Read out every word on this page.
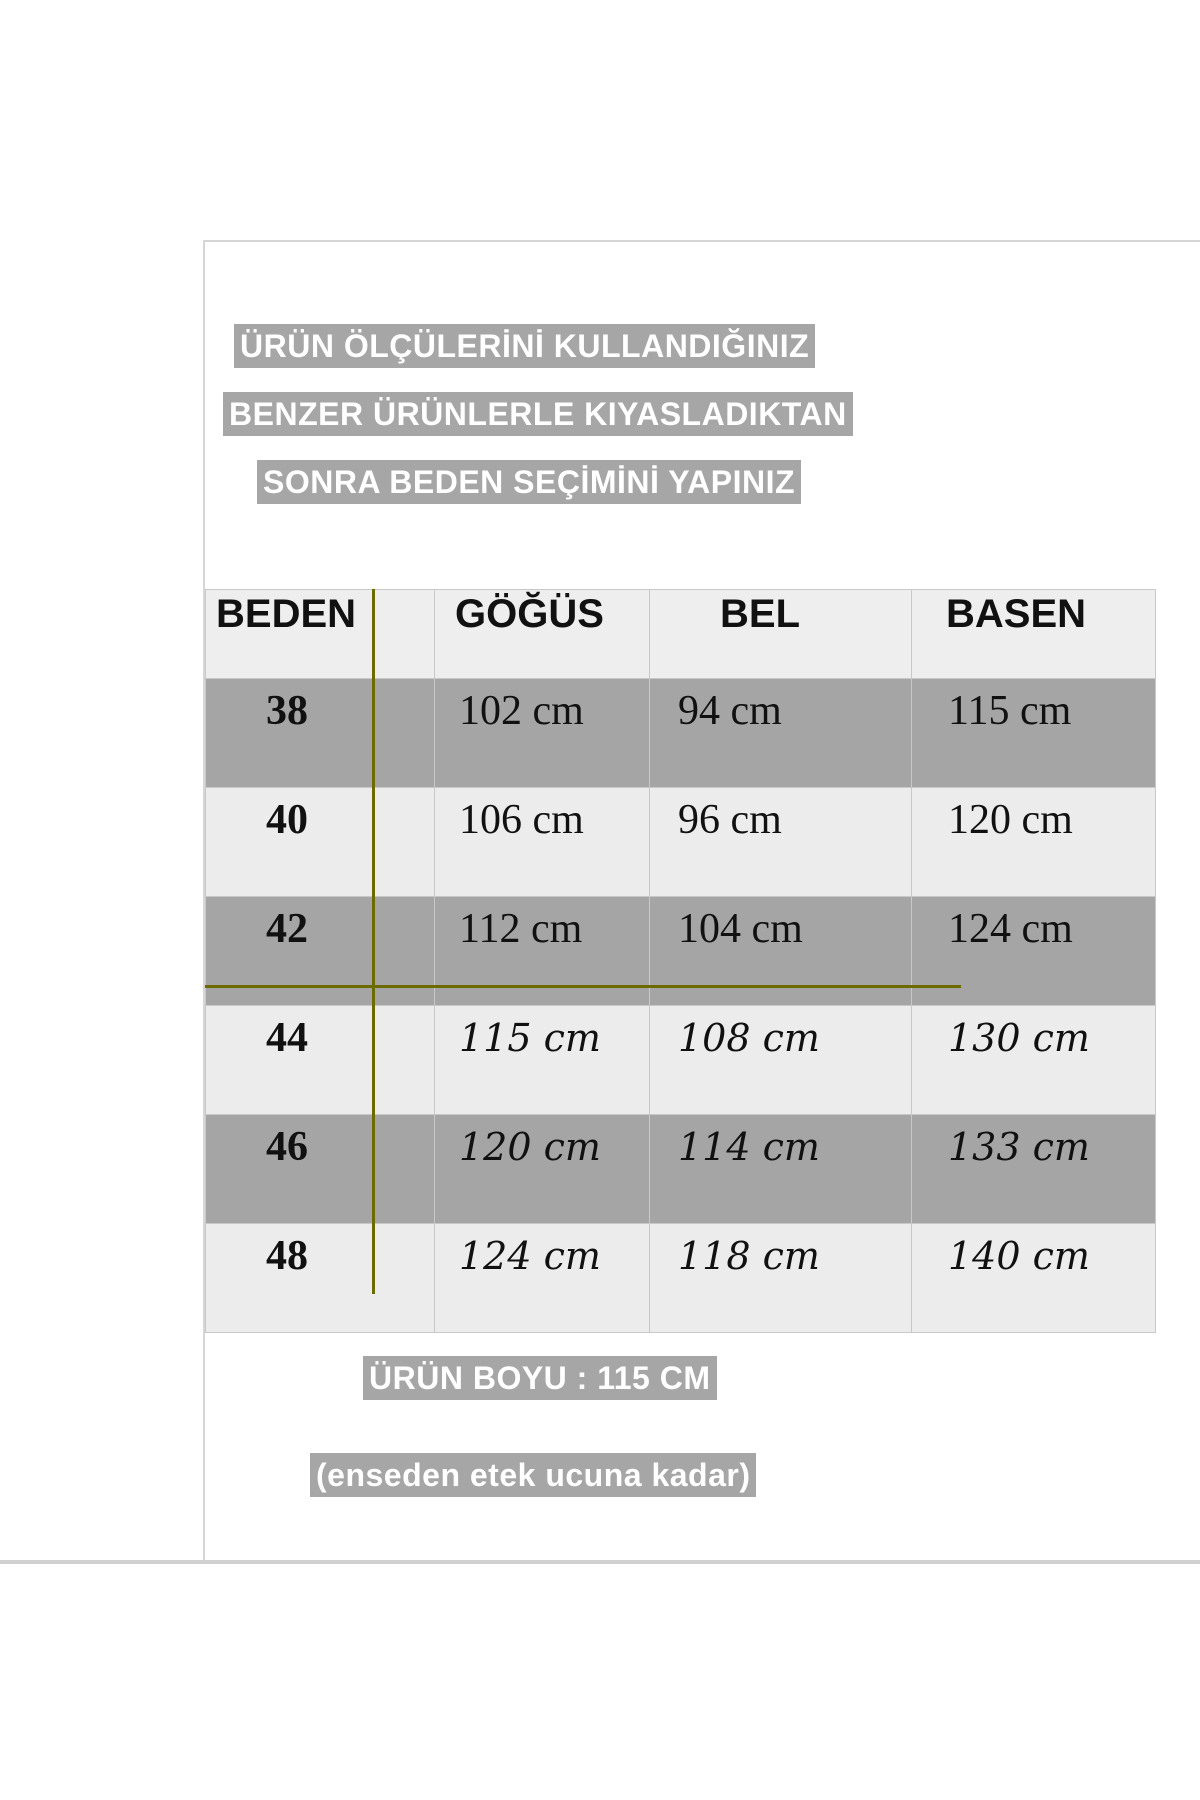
ÜRÜN ÖLÇÜLERİNİ KULLANDIĞINIZ
BENZER ÜRÜNLERLE KIYASLADIKTAN
SONRA BEDEN SEÇİMİNİ YAPINIZ
BEDEN	GÖĞÜS	BEL	BASEN
38	102 cm	94 cm	115 cm
40	106 cm	96 cm	120 cm
42	112 cm	104 cm	124 cm
44	115 cm	108 cm	130 cm
46	120 cm	114 cm	133 cm
48	124 cm	118 cm	140 cm
ÜRÜN BOYU : 115 CM
(enseden etek ucuna kadar)
